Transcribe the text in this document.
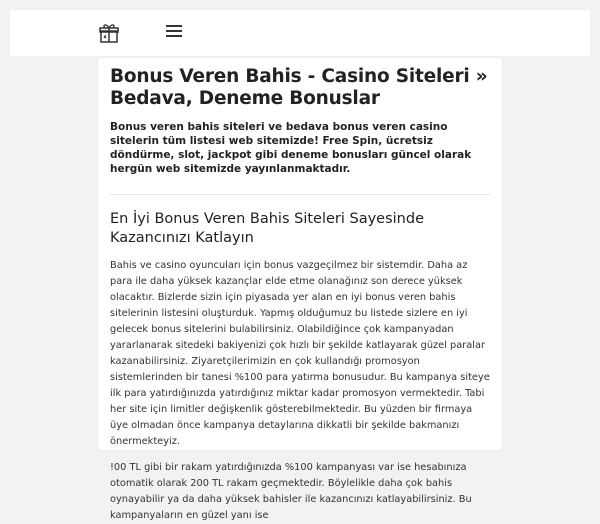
Bonus Veren Bahis - Casino Siteleri » Bedava, Deneme Bonuslar

Bonus veren bahis siteleri ve bedava bonus veren casino sitelerin tüm listesi web sitemizde! Free Spin, ücretsiz döndürme, slot, jackpot gibi deneme bonusları güncel olarak hergün web sitemizde yayınlanmaktadır.

En İyi Bonus Veren Bahis Siteleri Sayesinde Kazancınızı Katlayın

Bahis ve casino oyuncuları için bonus vazgeçilmez bir sistemdir. Daha az para ile daha yüksek kazançlar elde etme olanağınız son derece yüksek olacaktır. Bizlerde sizin için piyasada yer alan en iyi bonus veren bahis sitelerinin listesini oluşturduk. Yapmış olduğumuz bu listede sizlere en iyi gelecek bonus sitelerini bulabilirsiniz. Olabildiğince çok kampanyadan yararlanarak sitedeki bakiyenizi çok hızlı bir şekilde katlayarak güzel paralar kazanabilirsiniz. Ziyaretçilerimizin en çok kullandığı promosyon sistemlerinden bir tanesi %100 para yatırma bonusudur. Bu kampanya siteye ilk para yatırdığınızda yatırdığınız miktar kadar promosyon vermektedir. Tabi her site için limitler değişkenlik gösterebilmektedir. Bu yüzden bir firmaya üye olmadan önce kampanya detaylarına dikkatli bir şekilde bakmanızı önermekteyiz.

!00 TL gibi bir rakam yatırdığınızda %100 kampanyası var ise hesabınıza otomatik olarak 200 TL rakam geçmektedir. Böylelikle daha çok bahis oynayabilir ya da daha yüksek bahisler ile kazancınızı katlayabilirsiniz. Bu kampanyaların en güzel yanı ise
